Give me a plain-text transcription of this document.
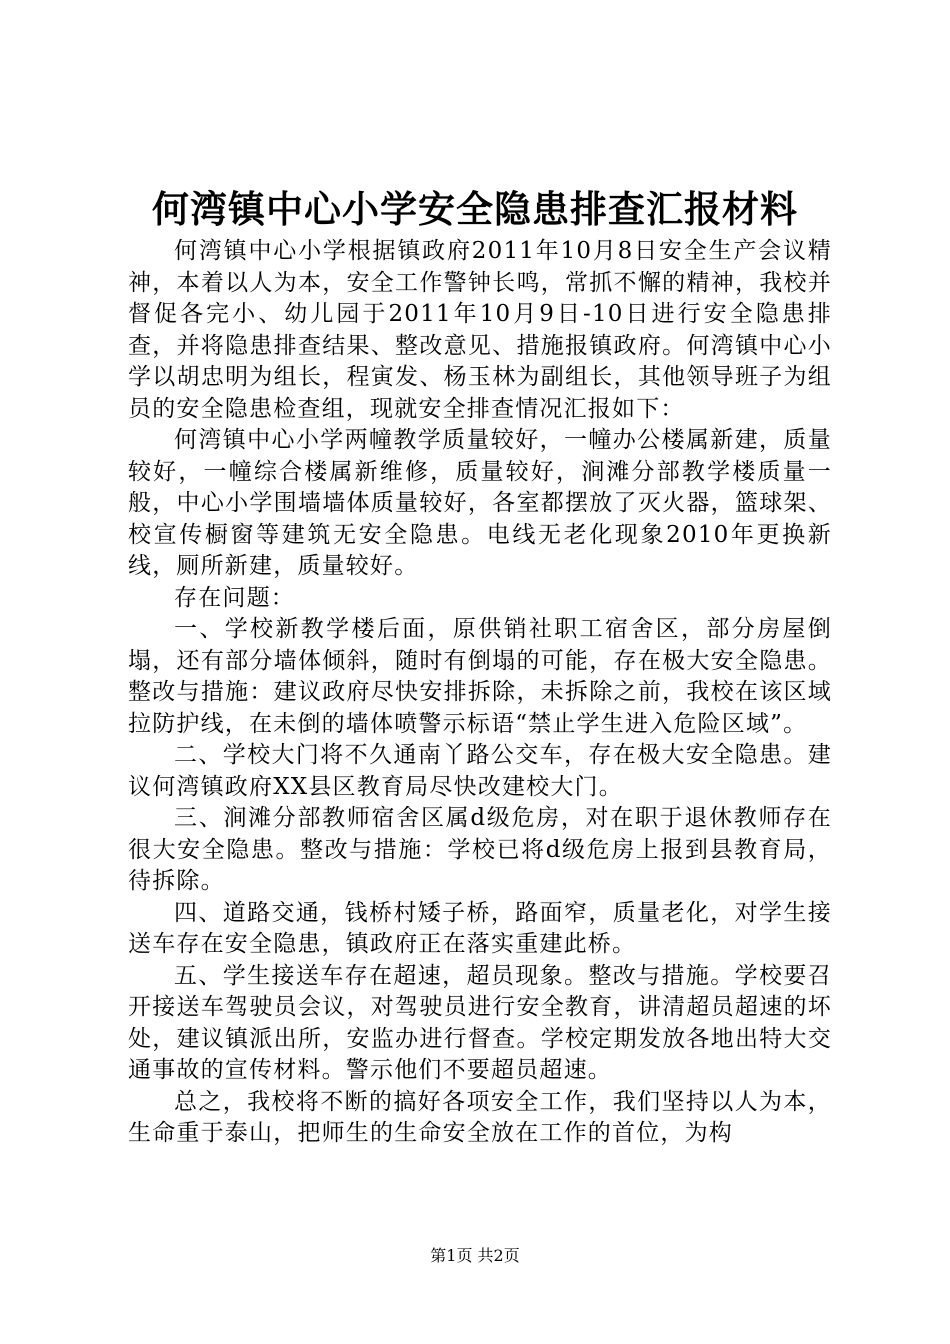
何湾镇中心小学安全隐患排查汇报材料

何湾镇中心小学根据镇政府2011年10月8日安全生产会议精神，本着以人为本，安全工作警钟长鸣，常抓不懈的精神，我校并督促各完小、幼儿园于2011年10月9日-10日进行安全隐患排查，并将隐患排查结果、整改意见、措施报镇政府。何湾镇中心小学以胡忠明为组长，程寅发、杨玉林为副组长，其他领导班子为组员的安全隐患检查组，现就安全排查情况汇报如下：

何湾镇中心小学两幢教学质量较好，一幢办公楼属新建，质量较好，一幢综合楼属新维修，质量较好，涧滩分部教学楼质量一般，中心小学围墙墙体质量较好，各室都摆放了灭火器，篮球架、校宣传橱窗等建筑无安全隐患。电线无老化现象2010年更换新线，厕所新建，质量较好。

存在问题：

一、学校新教学楼后面，原供销社职工宿舍区，部分房屋倒塌，还有部分墙体倾斜，随时有倒塌的可能，存在极大安全隐患。整改与措施：建议政府尽快安排拆除，未拆除之前，我校在该区域拉防护线，在未倒的墙体喷警示标语“禁止学生进入危险区域”。

二、学校大门将不久通南丫路公交车，存在极大安全隐患。建议何湾镇政府XX县区教育局尽快改建校大门。

三、涧滩分部教师宿舍区属d级危房，对在职于退休教师存在很大安全隐患。整改与措施：学校已将d级危房上报到县教育局，待拆除。

四、道路交通，钱桥村矮子桥，路面窄，质量老化，对学生接送车存在安全隐患，镇政府正在落实重建此桥。

五、学生接送车存在超速，超员现象。整改与措施。学校要召开接送车驾驶员会议，对驾驶员进行安全教育，讲清超员超速的坏处，建议镇派出所，安监办进行督查。学校定期发放各地出特大交通事故的宣传材料。警示他们不要超员超速。

总之，我校将不断的搞好各项安全工作，我们坚持以人为本，生命重于泰山，把师生的生命安全放在工作的首位，为构

第1页 共2页
